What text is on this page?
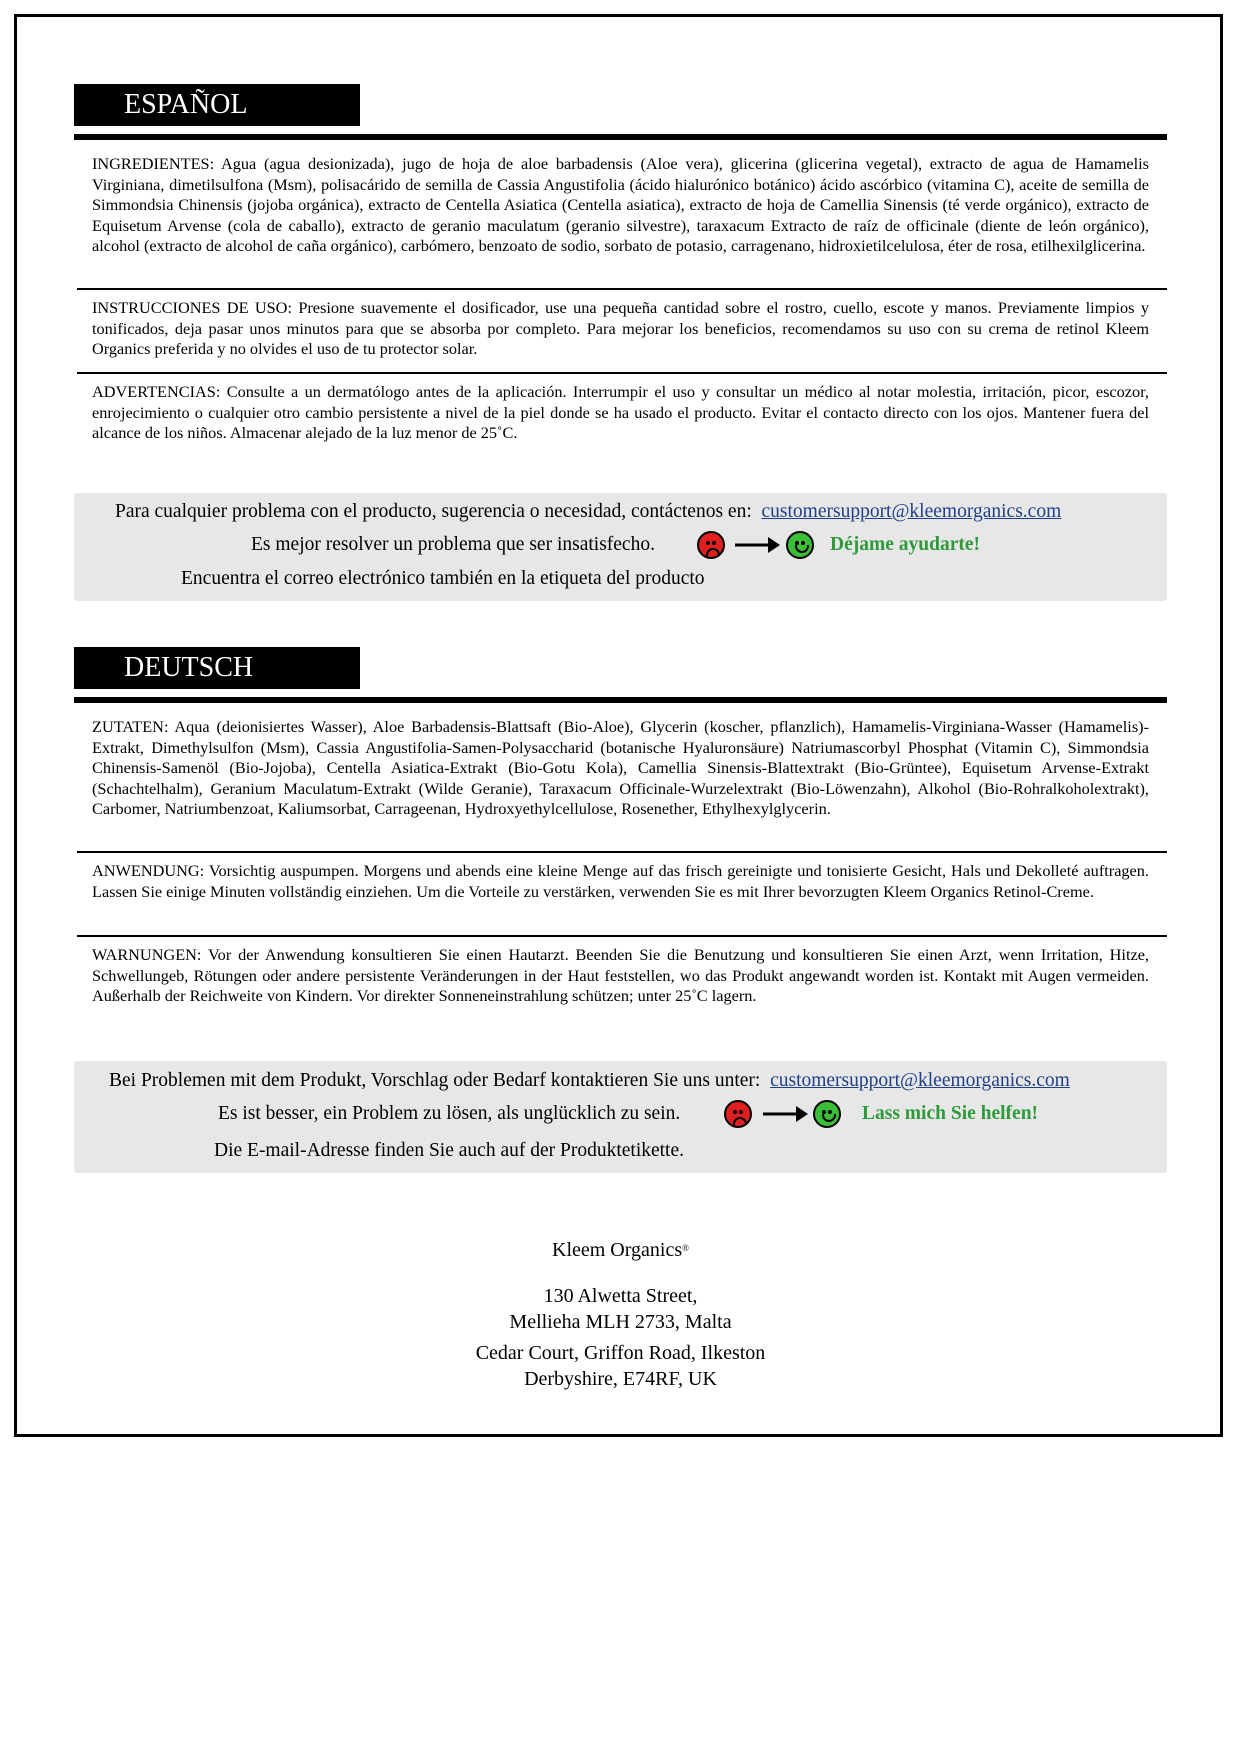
ESPAÑOL
INGREDIENTES: Agua (agua desionizada), jugo de hoja de aloe barbadensis (Aloe vera), glicerina (glicerina vegetal), extracto de agua de Hamamelis Virginiana, dimetilsulfona (Msm), polisacárido de semilla de Cassia Angustifolia (ácido hialurónico botánico) ácido ascórbico (vitamina C), aceite de semilla de Simmondsia Chinensis (jojoba orgánica), extracto de Centella Asiatica (Centella asiatica), extracto de hoja de Camellia Sinensis (té verde orgánico), extracto de Equisetum Arvense (cola de caballo), extracto de geranio maculatum (geranio silvestre), taraxacum Extracto de raíz de officinale (diente de león orgánico), alcohol (extracto de alcohol de caña orgánico), carbómero, benzoato de sodio, sorbato de potasio, carragenano, hidroxietilcelulosa, éter de rosa, etilhexilglicerina.
INSTRUCCIONES DE USO: Presione suavemente el dosificador, use una pequeña cantidad sobre el rostro, cuello, escote y manos. Previamente limpios y tonificados, deja pasar unos minutos para que se absorba por completo. Para mejorar los beneficios, recomendamos su uso con su crema de retinol Kleem Organics preferida y no olvides el uso de tu protector solar.
ADVERTENCIAS: Consulte a un dermatólogo antes de la aplicación. Interrumpir el uso y consultar un médico al notar molestia, irritación, picor, escozor, enrojecimiento o cualquier otro cambio persistente a nivel de la piel donde se ha usado el producto. Evitar el contacto directo con los ojos. Mantener fuera del alcance de los niños. Almacenar alejado de la luz menor de 25˚C.
Para cualquier problema con el producto, sugerencia o necesidad, contáctenos en: customersupport@kleemorganics.com
Es mejor resolver un problema que ser insatisfecho.	Déjame ayudarte!
Encuentra el correo electrónico también en la etiqueta del producto
DEUTSCH
ZUTATEN: Aqua (deionisiertes Wasser), Aloe Barbadensis-Blattsaft (Bio-Aloe), Glycerin (koscher, pflanzlich), Hamamelis-Virginiana-Wasser (Hamamelis)-Extrakt, Dimethylsulfon (Msm), Cassia Angustifolia-Samen-Polysaccharid (botanische Hyaluronsäure) Natriumascorbyl Phosphat (Vitamin C), Simmondsia Chinensis-Samenöl (Bio-Jojoba), Centella Asiatica-Extrakt (Bio-Gotu Kola), Camellia Sinensis-Blattextrakt (Bio-Grüntee), Equisetum Arvense-Extrakt (Schachtelhalm), Geranium Maculatum-Extrakt (Wilde Geranie), Taraxacum Officinale-Wurzelextrakt (Bio-Löwenzahn), Alkohol (Bio-Rohralkoholextrakt), Carbomer, Natriumbenzoat, Kaliumsorbat, Carrageenan, Hydroxyethylcellulose, Rosenether, Ethylhexylglycerin.
ANWENDUNG: Vorsichtig auspumpen. Morgens und abends eine kleine Menge auf das frisch gereinigte und tonisierte Gesicht, Hals und Dekolleté auftragen. Lassen Sie einige Minuten vollständig einziehen. Um die Vorteile zu verstärken, verwenden Sie es mit Ihrer bevorzugten Kleem Organics Retinol-Creme.
WARNUNGEN: Vor der Anwendung konsultieren Sie einen Hautarzt. Beenden Sie die Benutzung und konsultieren Sie einen Arzt, wenn Irritation, Hitze, Schwellungeb, Rötungen oder andere persistente Veränderungen in der Haut feststellen, wo das Produkt angewandt worden ist. Kontakt mit Augen vermeiden. Außerhalb der Reichweite von Kindern. Vor direkter Sonneneinstrahlung schützen; unter 25˚C lagern.
Bei Problemen mit dem Produkt, Vorschlag oder Bedarf kontaktieren Sie uns unter: customersupport@kleemorganics.com
Es ist besser, ein Problem zu lösen, als unglücklich zu sein.	Lass mich Sie helfen!
Die E-mail-Adresse finden Sie auch auf der Produktetikette.
Kleem Organics®
130 Alwetta Street,
Mellieha MLH 2733, Malta
Cedar Court, Griffon Road, Ilkeston
Derbyshire, E74RF, UK
